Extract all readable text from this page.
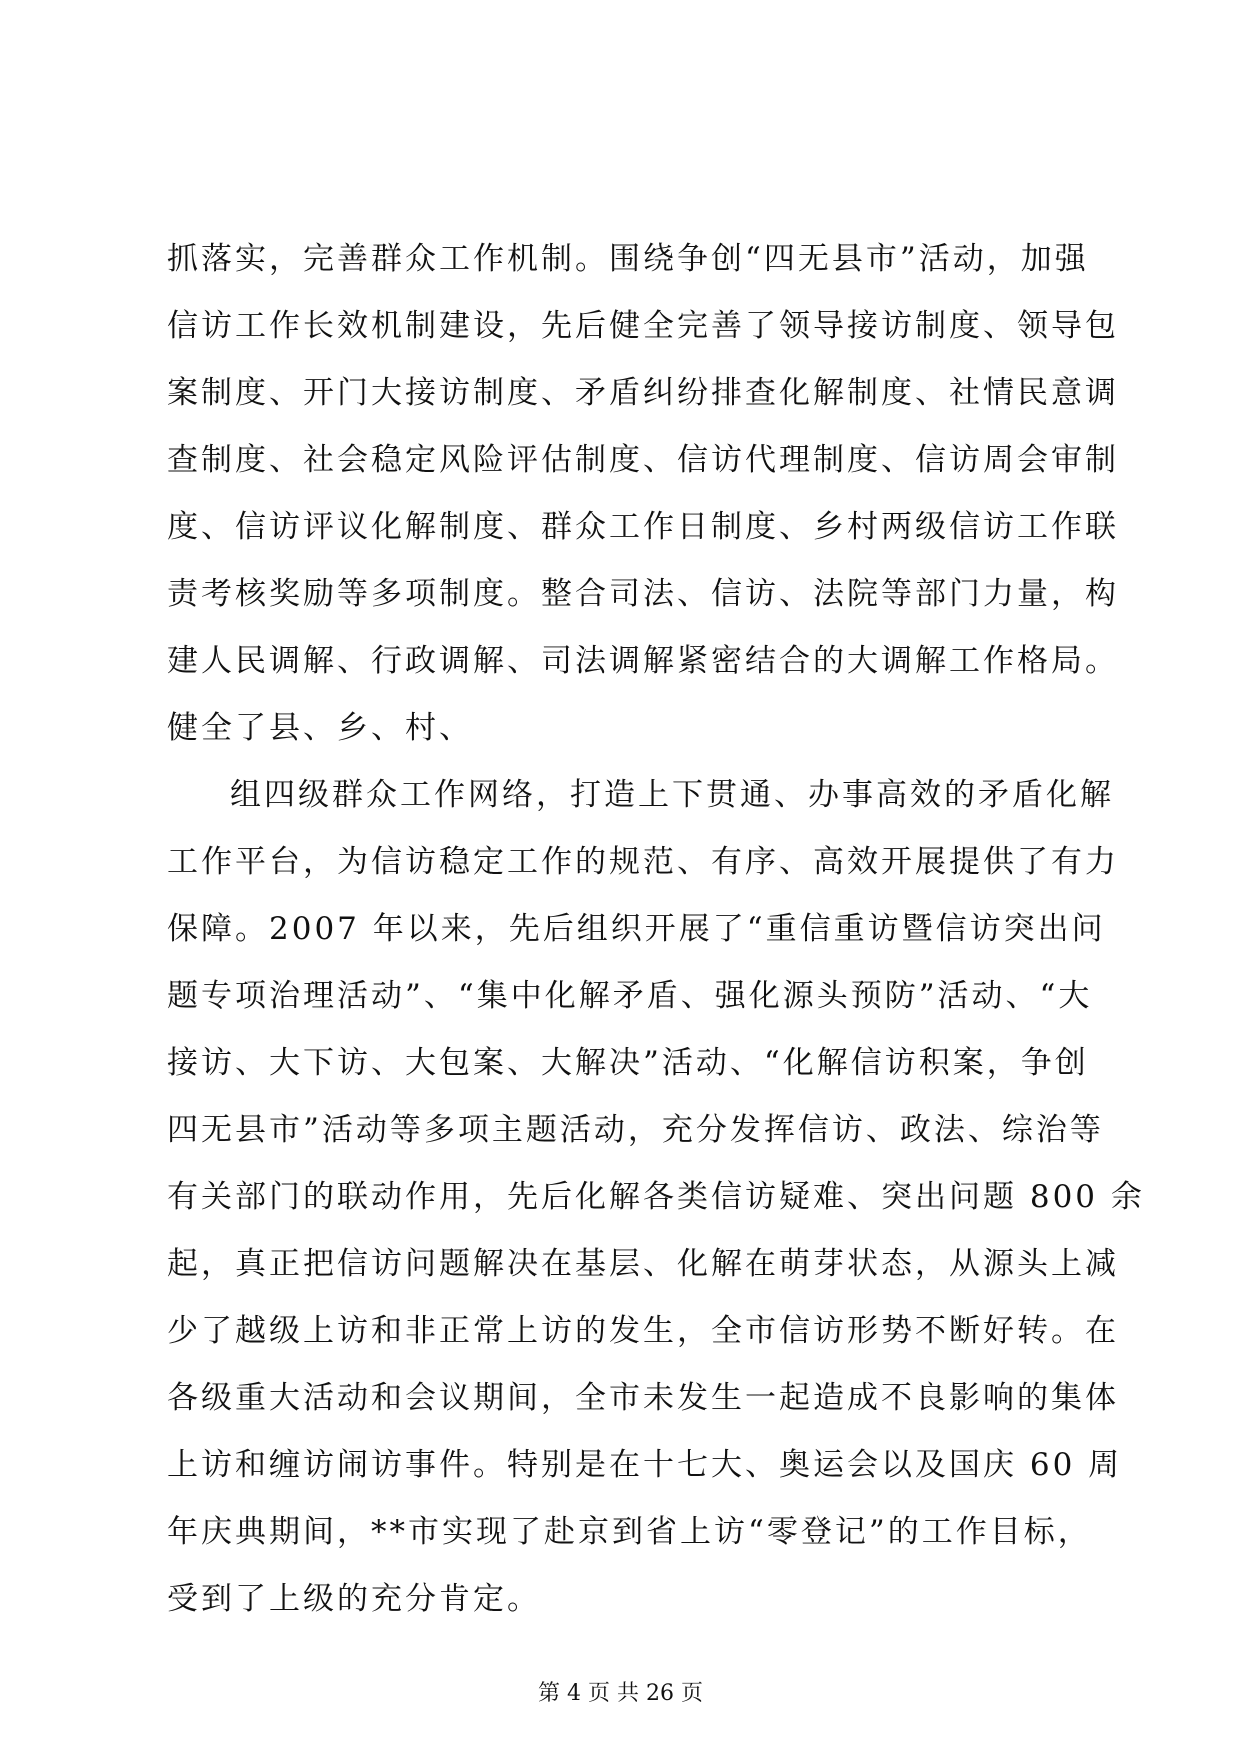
抓落实，完善群众工作机制。围绕争创“四无县市”活动，加强
信访工作长效机制建设，先后健全完善了领导接访制度、领导包
案制度、开门大接访制度、矛盾纠纷排查化解制度、社情民意调
查制度、社会稳定风险评估制度、信访代理制度、信访周会审制
度、信访评议化解制度、群众工作日制度、乡村两级信访工作联
责考核奖励等多项制度。整合司法、信访、法院等部门力量，构
建人民调解、行政调解、司法调解紧密结合的大调解工作格局。
健全了县、乡、村、
组四级群众工作网络，打造上下贯通、办事高效的矛盾化解
工作平台，为信访稳定工作的规范、有序、高效开展提供了有力
保障。2007 年以来，先后组织开展了“重信重访暨信访突出问
题专项治理活动”、“集中化解矛盾、强化源头预防”活动、“大
接访、大下访、大包案、大解决”活动、“化解信访积案，争创
四无县市”活动等多项主题活动，充分发挥信访、政法、综治等
有关部门的联动作用，先后化解各类信访疑难、突出问题 800 余
起，真正把信访问题解决在基层、化解在萌芽状态，从源头上减
少了越级上访和非正常上访的发生，全市信访形势不断好转。在
各级重大活动和会议期间，全市未发生一起造成不良影响的集体
上访和缠访闹访事件。特别是在十七大、奥运会以及国庆 60 周
年庆典期间，**市实现了赴京到省上访“零登记”的工作目标，
受到了上级的充分肯定。
第 4 页 共 26 页
